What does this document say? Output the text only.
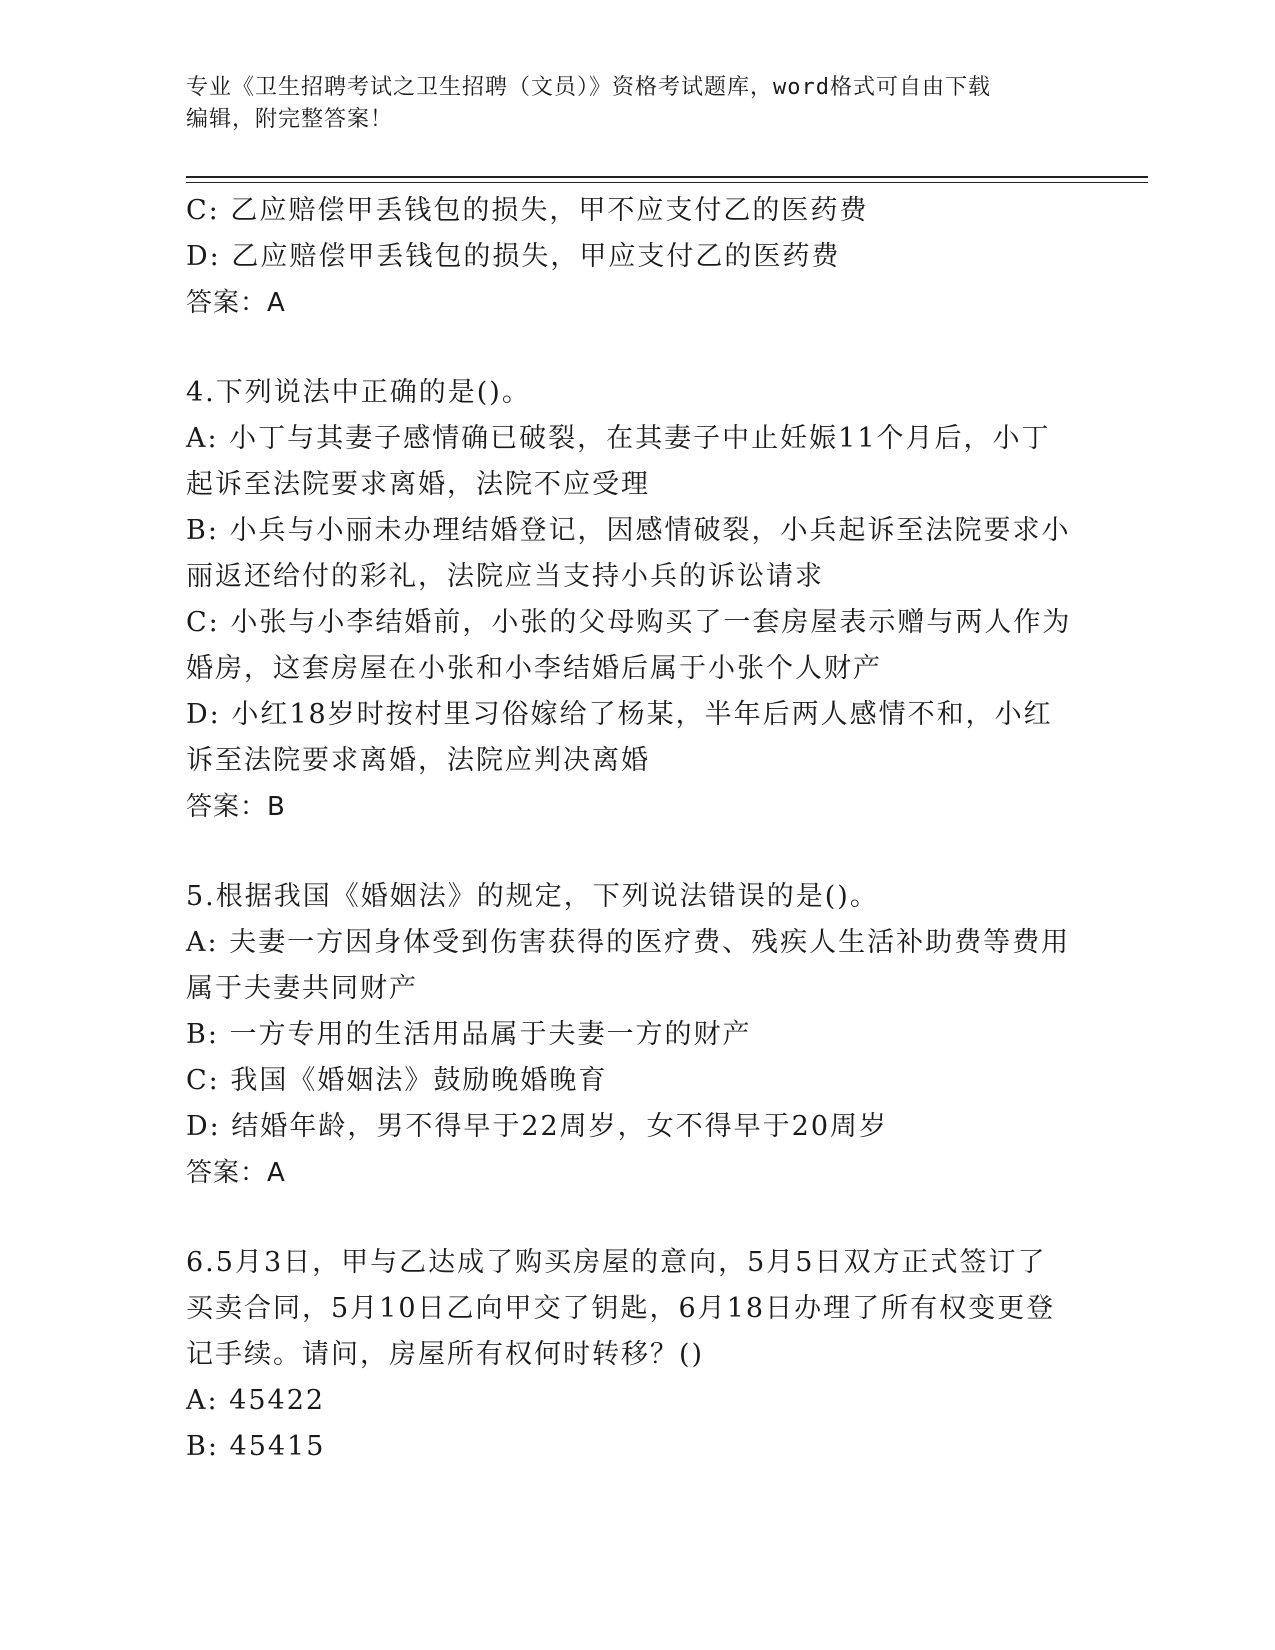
专业《卫生招聘考试之卫生招聘（文员）》资格考试题库，word格式可自由下载
编辑，附完整答案！
C: 乙应赔偿甲丢钱包的损失，甲不应支付乙的医药费
D: 乙应赔偿甲丢钱包的损失，甲应支付乙的医药费
答案：A
4.下列说法中正确的是()。
A: 小丁与其妻子感情确已破裂，在其妻子中止妊娠11个月后，小丁
起诉至法院要求离婚，法院不应受理
B: 小兵与小丽未办理结婚登记，因感情破裂，小兵起诉至法院要求小
丽返还给付的彩礼，法院应当支持小兵的诉讼请求
C: 小张与小李结婚前，小张的父母购买了一套房屋表示赠与两人作为
婚房，这套房屋在小张和小李结婚后属于小张个人财产
D: 小红18岁时按村里习俗嫁给了杨某，半年后两人感情不和，小红
诉至法院要求离婚，法院应判决离婚
答案：B
5.根据我国《婚姻法》的规定，下列说法错误的是()。
A: 夫妻一方因身体受到伤害获得的医疗费、残疾人生活补助费等费用
属于夫妻共同财产
B: 一方专用的生活用品属于夫妻一方的财产
C: 我国《婚姻法》鼓励晚婚晚育
D: 结婚年龄，男不得早于22周岁，女不得早于20周岁
答案：A
6.5月3日，甲与乙达成了购买房屋的意向，5月5日双方正式签订了
买卖合同，5月10日乙向甲交了钥匙，6月18日办理了所有权变更登
记手续。请问，房屋所有权何时转移？()
A: 45422
B: 45415
